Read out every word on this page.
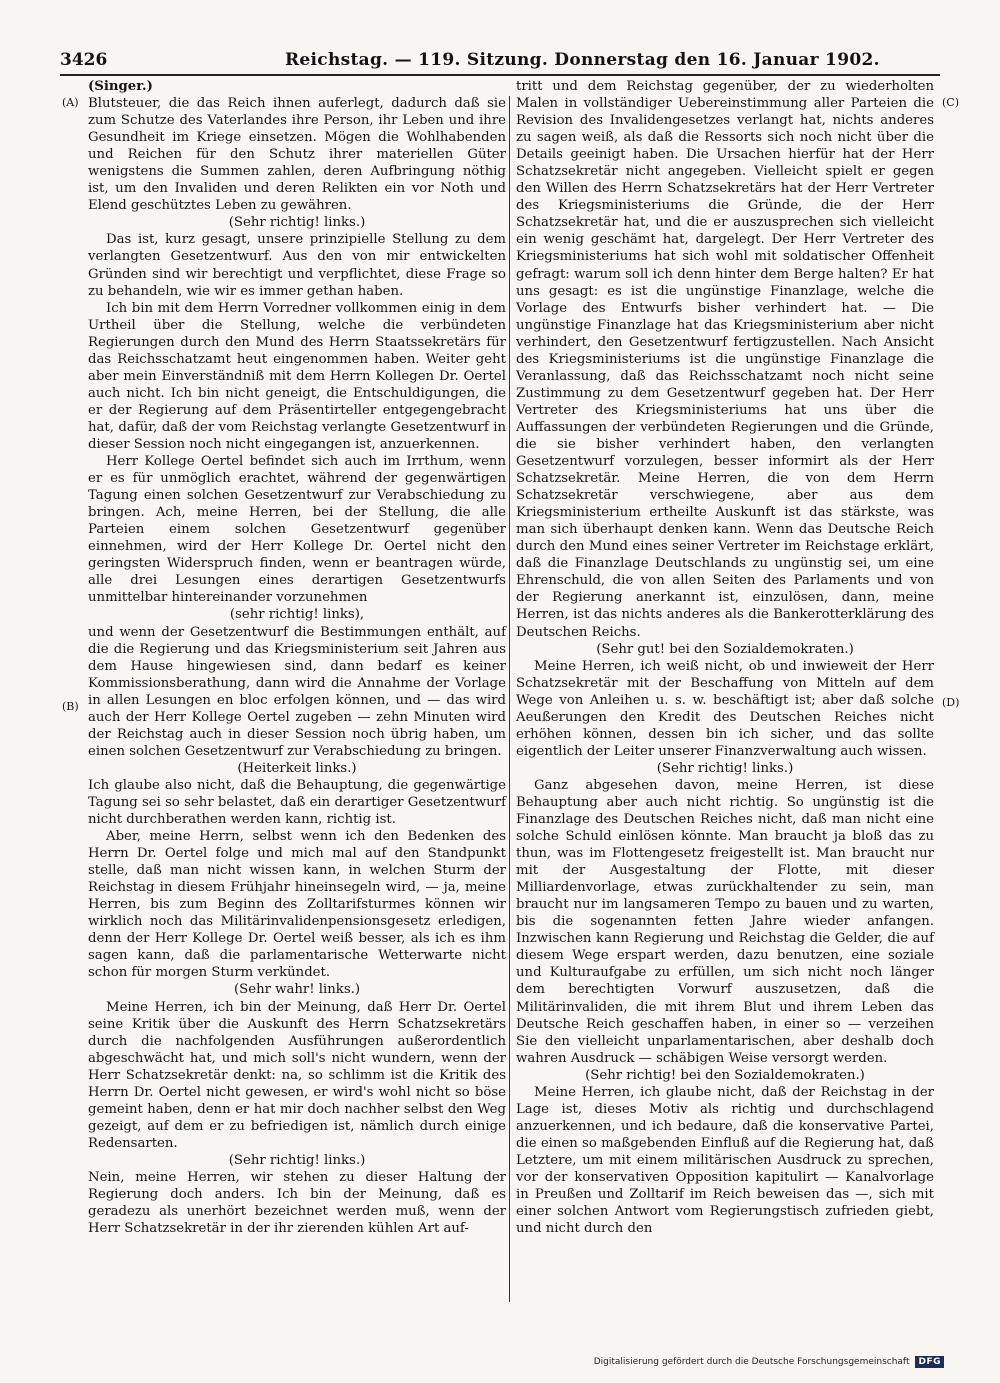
3426	Reichstag. — 119. Sitzung. Donnerstag den 16. Januar 1902.
(A)
(B)
(C)
(D)

(Singer.)

Blutsteuer, die das Reich ihnen auferlegt, dadurch daß sie zum Schutze des Vaterlandes ihre Person, ihr Leben und ihre Gesundheit im Kriege einsetzen. Mögen die Wohlhabenden und Reichen für den Schutz ihrer materiellen Güter wenigstens die Summen zahlen, deren Aufbringung nöthig ist, um den Invaliden und deren Relikten ein vor Noth und Elend geschütztes Leben zu gewähren.

(Sehr richtig! links.)

Das ist, kurz gesagt, unsere prinzipielle Stellung zu dem verlangten Gesetzentwurf. Aus den von mir entwickelten Gründen sind wir berechtigt und verpflichtet, diese Frage so zu behandeln, wie wir es immer gethan haben.

Ich bin mit dem Herrn Vorredner vollkommen einig in dem Urtheil über die Stellung, welche die verbündeten Regierungen durch den Mund des Herrn Staatssekretärs für das Reichsschatzamt heut eingenommen haben. Weiter geht aber mein Einverständniß mit dem Herrn Kollegen Dr. Oertel auch nicht. Ich bin nicht geneigt, die Entschuldigungen, die er der Regierung auf dem Präsentirteller entgegengebracht hat, dafür, daß der vom Reichstag verlangte Gesetzentwurf in dieser Session noch nicht eingegangen ist, anzuerkennen.

Herr Kollege Oertel befindet sich auch im Irrthum, wenn er es für unmöglich erachtet, während der gegenwärtigen Tagung einen solchen Gesetzentwurf zur Verabschiedung zu bringen. Ach, meine Herren, bei der Stellung, die alle Parteien einem solchen Gesetzentwurf gegenüber einnehmen, wird der Herr Kollege Dr. Oertel nicht den geringsten Widerspruch finden, wenn er beantragen würde, alle drei Lesungen eines derartigen Gesetzentwurfs unmittelbar hintereinander vorzunehmen

(sehr richtig! links),

und wenn der Gesetzentwurf die Bestimmungen enthält, auf die die Regierung und das Kriegsministerium seit Jahren aus dem Hause hingewiesen sind, dann bedarf es keiner Kommissionsberathung, dann wird die Annahme der Vorlage in allen Lesungen en bloc erfolgen können, und — das wird auch der Herr Kollege Oertel zugeben — zehn Minuten wird der Reichstag auch in dieser Session noch übrig haben, um einen solchen Gesetzentwurf zur Verabschiedung zu bringen.

(Heiterkeit links.)

Ich glaube also nicht, daß die Behauptung, die gegenwärtige Tagung sei so sehr belastet, daß ein derartiger Gesetzentwurf nicht durchberathen werden kann, richtig ist.

Aber, meine Herrn, selbst wenn ich den Bedenken des Herrn Dr. Oertel folge und mich mal auf den Standpunkt stelle, daß man nicht wissen kann, in welchen Sturm der Reichstag in diesem Frühjahr hineinsegeln wird, — ja, meine Herren, bis zum Beginn des Zolltarifsturmes können wir wirklich noch das Militärinvalidenpensionsgesetz erledigen, denn der Herr Kollege Dr. Oertel weiß besser, als ich es ihm sagen kann, daß die parlamentarische Wetterwarte nicht schon für morgen Sturm verkündet.

(Sehr wahr! links.)

Meine Herren, ich bin der Meinung, daß Herr Dr. Oertel seine Kritik über die Auskunft des Herrn Schatzsekretärs durch die nachfolgenden Ausführungen außerordentlich abgeschwächt hat, und mich soll's nicht wundern, wenn der Herr Schatzsekretär denkt: na, so schlimm ist die Kritik des Herrn Dr. Oertel nicht gewesen, er wird's wohl nicht so böse gemeint haben, denn er hat mir doch nachher selbst den Weg gezeigt, auf dem er zu befriedigen ist, nämlich durch einige Redensarten.

(Sehr richtig! links.)

Nein, meine Herren, wir stehen zu dieser Haltung der Regierung doch anders. Ich bin der Meinung, daß es geradezu als unerhört bezeichnet werden muß, wenn der Herr Schatzsekretär in der ihr zierenden kühlen Art auf-

tritt und dem Reichstag gegenüber, der zu wiederholten Malen in vollständiger Uebereinstimmung aller Parteien die Revision des Invalidengesetzes verlangt hat, nichts anderes zu sagen weiß, als daß die Ressorts sich noch nicht über die Details geeinigt haben. Die Ursachen hierfür hat der Herr Schatzsekretär nicht angegeben. Vielleicht spielt er gegen den Willen des Herrn Schatzsekretärs hat der Herr Vertreter des Kriegsministeriums die Gründe, die der Herr Schatzsekretär hat, und die er auszusprechen sich vielleicht ein wenig geschämt hat, dargelegt. Der Herr Vertreter des Kriegsministeriums hat sich wohl mit soldatischer Offenheit gefragt: warum soll ich denn hinter dem Berge halten? Er hat uns gesagt: es ist die ungünstige Finanzlage, welche die Vorlage des Entwurfs bisher verhindert hat. — Die ungünstige Finanzlage hat das Kriegsministerium aber nicht verhindert, den Gesetzentwurf fertigzustellen. Nach Ansicht des Kriegsministeriums ist die ungünstige Finanzlage die Veranlassung, daß das Reichsschatzamt noch nicht seine Zustimmung zu dem Gesetzentwurf gegeben hat. Der Herr Vertreter des Kriegsministeriums hat uns über die Auffassungen der verbündeten Regierungen und die Gründe, die sie bisher verhindert haben, den verlangten Gesetzentwurf vorzulegen, besser informirt als der Herr Schatzsekretär. Meine Herren, die von dem Herrn Schatzsekretär verschwiegene, aber aus dem Kriegsministerium ertheilte Auskunft ist das stärkste, was man sich überhaupt denken kann. Wenn das Deutsche Reich durch den Mund eines seiner Vertreter im Reichstage erklärt, daß die Finanzlage Deutschlands zu ungünstig sei, um eine Ehrenschuld, die von allen Seiten des Parlaments und von der Regierung anerkannt ist, einzulösen, dann, meine Herren, ist das nichts anderes als die Bankerotterklärung des Deutschen Reichs.

(Sehr gut! bei den Sozialdemokraten.)

Meine Herren, ich weiß nicht, ob und inwieweit der Herr Schatzsekretär mit der Beschaffung von Mitteln auf dem Wege von Anleihen u. s. w. beschäftigt ist; aber daß solche Aeußerungen den Kredit des Deutschen Reiches nicht erhöhen können, dessen bin ich sicher, und das sollte eigentlich der Leiter unserer Finanzverwaltung auch wissen.

(Sehr richtig! links.)

Ganz abgesehen davon, meine Herren, ist diese Behauptung aber auch nicht richtig. So ungünstig ist die Finanzlage des Deutschen Reiches nicht, daß man nicht eine solche Schuld einlösen könnte. Man braucht ja bloß das zu thun, was im Flottengesetz freigestellt ist. Man braucht nur mit der Ausgestaltung der Flotte, mit dieser Milliardenvorlage, etwas zurückhaltender zu sein, man braucht nur im langsameren Tempo zu bauen und zu warten, bis die sogenannten fetten Jahre wieder anfangen. Inzwischen kann Regierung und Reichstag die Gelder, die auf diesem Wege erspart werden, dazu benutzen, eine soziale und Kulturaufgabe zu erfüllen, um sich nicht noch länger dem berechtigten Vorwurf auszusetzen, daß die Militärinvaliden, die mit ihrem Blut und ihrem Leben das Deutsche Reich geschaffen haben, in einer so — verzeihen Sie den vielleicht unparlamentarischen, aber deshalb doch wahren Ausdruck — schäbigen Weise versorgt werden.

(Sehr richtig! bei den Sozialdemokraten.)

Meine Herren, ich glaube nicht, daß der Reichstag in der Lage ist, dieses Motiv als richtig und durchschlagend anzuerkennen, und ich bedaure, daß die konservative Partei, die einen so maßgebenden Einfluß auf die Regierung hat, daß Letztere, um mit einem militärischen Ausdruck zu sprechen, vor der konservativen Opposition kapitulirt — Kanalvorlage in Preußen und Zolltarif im Reich beweisen das —, sich mit einer solchen Antwort vom Regierungstisch zufrieden giebt, und nicht durch den

Digitalisierung gefördert durch die Deutsche Forschungsgemeinschaft	DFG
